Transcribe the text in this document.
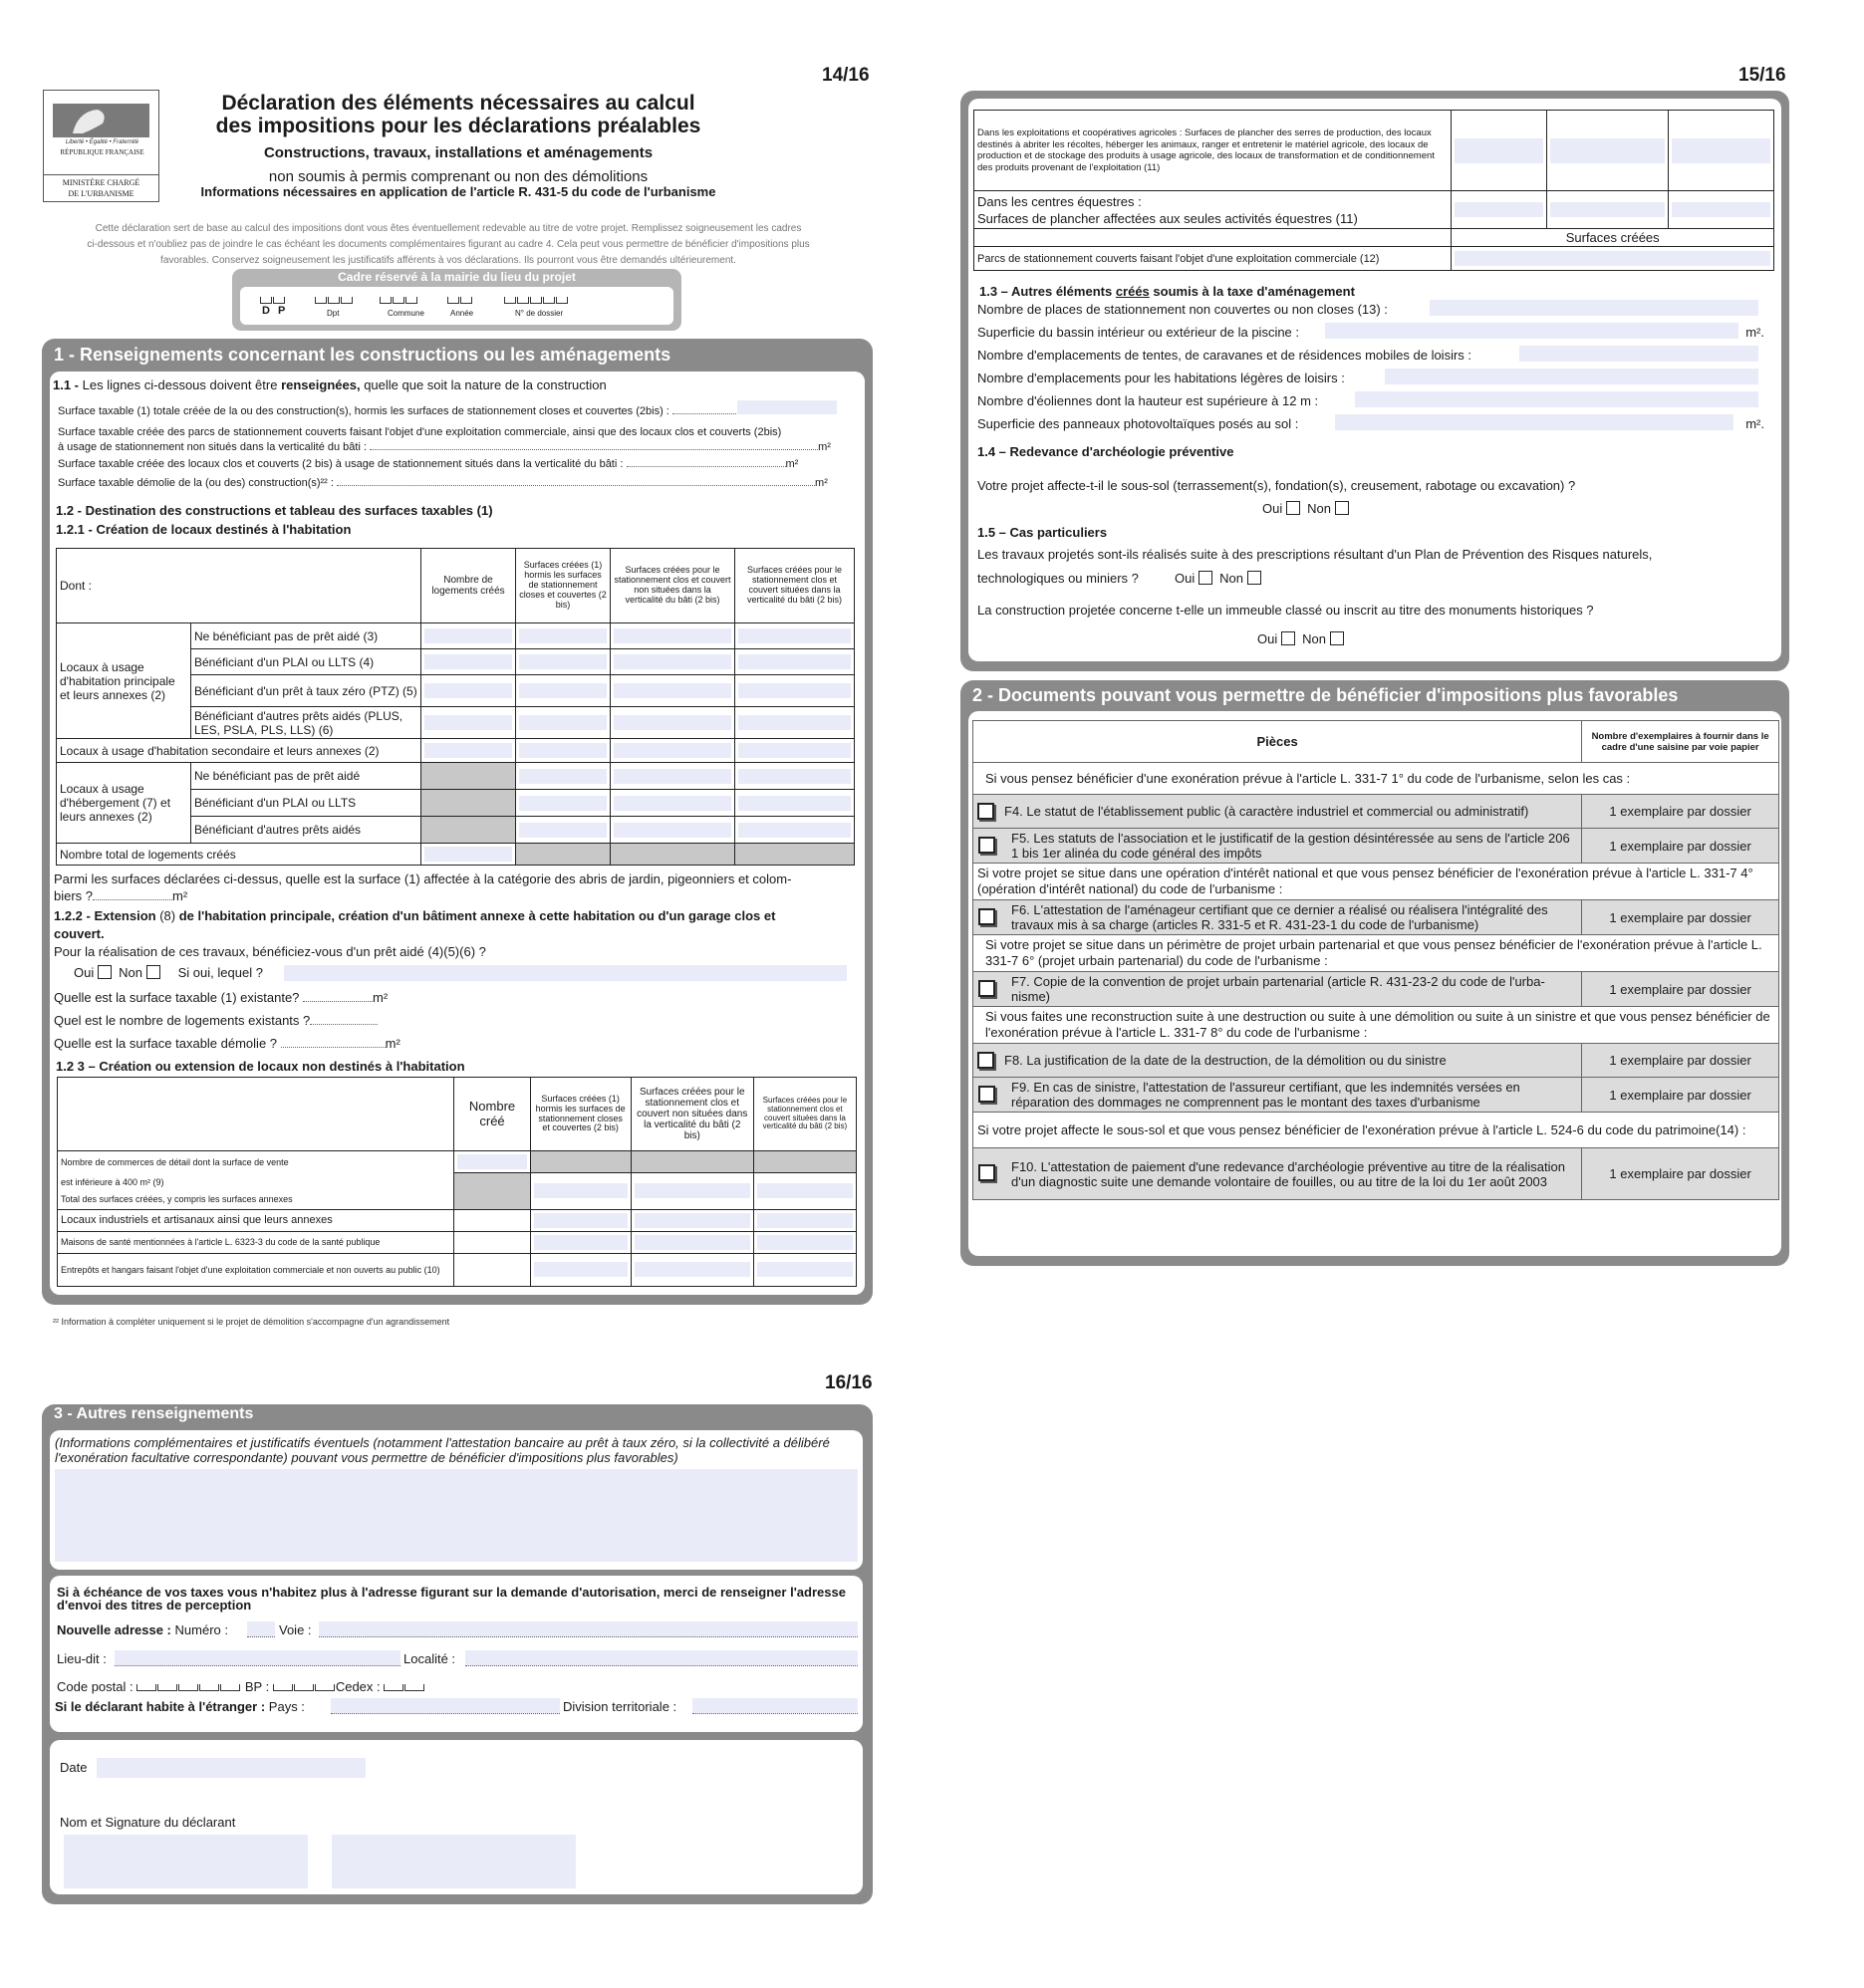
14/16
Liberté • Égalité • Fraternité
RÉPUBLIQUE FRANÇAISE
MINISTÈRE CHARGÉ
DE L'URBANISME
Déclaration des éléments nécessaires au calcul
des impositions pour les déclarations préalables
Constructions, travaux, installations et aménagements
non soumis à permis comprenant ou non des démolitions
Informations nécessaires en application de l'article R. 431-5 du code de l'urbanisme
Cette déclaration sert de base au calcul des impositions dont vous êtes éventuellement redevable au titre de votre projet. Remplissez soigneusement les cadres
ci-dessous et n'oubliez pas de joindre le cas échéant les documents complémentaires figurant au cadre 4. Cela peut vous permettre de bénéficier d'impositions plus
favorables. Conservez soigneusement les justificatifs afférents à vos déclarations. Ils pourront vous être demandés ultérieurement.
Cadre réservé à la mairie du lieu du projet
D P	Dpt	Commune	Année	N° de dossier
1 - Renseignements concernant les constructions ou les aménagements
1.1 - Les lignes ci-dessous doivent être renseignées, quelle que soit la nature de la construction
Surface taxable (1) totale créée de la ou des construction(s), hormis les surfaces de stationnement closes et couvertes (2bis) :
Surface taxable créée des parcs de stationnement couverts faisant l'objet d'une exploitation commerciale, ainsi que des locaux clos et couverts (2bis)
à usage de stationnement non situés dans la verticalité du bâti :	m²
Surface taxable créée des locaux clos et couverts (2 bis) à usage de stationnement situés dans la verticalité du bâti :	m²
Surface taxable démolie de la (ou des) construction(s)²² :	m²
1.2 - Destination des constructions et tableau des surfaces taxables (1)
1.2.1 - Création de locaux destinés à l'habitation
Dont :		Nombre de logements créés	Surfaces créées (1) hormis les surfaces de stationnement closes et couvertes (2 bis)	Surfaces créées pour le stationnement clos et couvert non situées dans la verticalité du bâti (2 bis)	Surfaces créées pour le stationnement clos et couvert situées dans la verticalité du bâti (2 bis)
Locaux à usage d'habitation principale et leurs annexes (2)	Ne bénéficiant pas de prêt aidé (3)	

	Bénéficiant d'un PLAI ou LLTS (4)	

	Bénéficiant d'un prêt à taux zéro (PTZ) (5)	

	Bénéficiant d'autres prêts aidés (PLUS, LES, PSLA, PLS, LLS) (6)	

Locaux à usage d'habitation secondaire et leurs annexes (2)		

Locaux à usage d'hébergement (7) et leurs annexes (2)	Ne bénéficiant pas de prêt aidé		

	Bénéficiant d'un PLAI ou LLTS		

	Bénéficiant d'autres prêts aidés		

Nombre total de logements créés		

Parmi les surfaces déclarées ci-dessus, quelle est la surface (1) affectée à la catégorie des abris de jardin, pigeonniers et colom-
biers ?	m²
1.2.2 - Extension (8) de l'habitation principale, création d'un bâtiment annexe à cette habitation ou d'un garage clos et
couvert.
Pour la réalisation de ces travaux, bénéficiez-vous d'un prêt aidé (4)(5)(6) ?
Oui Non	Si oui, lequel ?
Quelle est la surface taxable (1) existante?	m²
Quel est le nombre de logements existants ?
Quelle est la surface taxable démolie ?	m²
1.2 3 – Création ou extension de locaux non destinés à l'habitation
	Nombre créé	Surfaces créées (1) hormis les surfaces de stationnement closes et couvertes (2 bis)	Surfaces créées pour le stationnement clos et couvert non situées dans la verticalité du bâti (2 bis)	Surfaces créées pour le stationnement clos et couvert situées dans la verticalité du bâti (2 bis)
Nombre de commerces de détail dont la surface de vente	

est inférieure à 400 m² (9)
Total des surfaces créées, y compris les surfaces annexes				

Locaux industriels et artisanaux ainsi que leurs annexes		

Maisons de santé mentionnées à l'article L. 6323-3 du code de la santé publique		

Entrepôts et hangars faisant l'objet d'une exploitation commerciale et non ouverts au public (10)		

²² Information à compléter uniquement si le projet de démolition s'accompagne d'un agrandissement
15/16
Dans les exploitations et coopératives agricoles : Surfaces de plancher des serres de production, des locaux destinés à abriter les récoltes, héberger les animaux, ranger et entretenir le matériel agricole, des locaux de production et de stockage des produits à usage agricole, des locaux de transformation et de conditionnement des produits provenant de l'exploitation (11)	

Dans les centres équestres :
Surfaces de plancher affectées aux seules activités équestres (11)			

	Surfaces créées		
Parcs de stationnement couverts faisant l'objet d'une exploitation commerciale (12)			
1.3 – Autres éléments créés soumis à la taxe d'aménagement
Nombre de places de stationnement non couvertes ou non closes (13) :
Superficie du bassin intérieur ou extérieur de la piscine :	m².
Nombre d'emplacements de tentes, de caravanes et de résidences mobiles de loisirs :
Nombre d'emplacements pour les habitations légères de loisirs :
Nombre d'éoliennes dont la hauteur est supérieure à 12 m :
Superficie des panneaux photovoltaïques posés au sol :	m².
1.4 – Redevance d'archéologie préventive
Votre projet affecte-t-il le sous-sol (terrassement(s), fondation(s), creusement, rabotage ou excavation) ?
Oui Non
1.5 – Cas particuliers
Les travaux projetés sont-ils réalisés suite à des prescriptions résultant d'un Plan de Prévention des Risques naturels,
technologiques ou miniers ?	Oui Non
La construction projetée concerne t-elle un immeuble classé ou inscrit au titre des monuments historiques ?
Oui Non
2 - Documents pouvant vous permettre de bénéficier d'impositions plus favorables
Pièces	Nombre d'exemplaires à fournir dans le cadre d'une saisine par voie papier
Si vous pensez bénéficier d'une exonération prévue à l'article L. 331-7 1° du code de l'urbanisme, selon les cas :	
F4. Le statut de l'établissement public (à caractère industriel et commercial ou administratif)	1 exemplaire par dossier

F5. Les statuts de l'association et le justificatif de la gestion désintéressée au sens de l'article 206 1 bis 1er alinéa du code général des impôts	1 exemplaire par dossier
Si votre projet se situe dans une opération d'intérêt national et que vous pensez bénéficier de l'exonération prévue à l'article L. 331-7 4° (opération d'intérêt national) du code de l'urbanisme :	

F6. L'attestation de l'aménageur certifiant que ce dernier a réalisé ou réalisera l'intégralité des travaux mis à sa charge (articles R. 331-5 et R. 431-23-1 du code de l'urbanisme)	1 exemplaire par dossier
Si votre projet se situe dans un périmètre de projet urbain partenarial et que vous pensez bénéficier de l'exonération prévue à l'article L. 331-7 6° (projet urbain partenarial) du code de l'urbanisme :	

F7. Copie de la convention de projet urbain partenarial (article R. 431-23-2 du code de l'urba-nisme)	1 exemplaire par dossier
Si vous faites une reconstruction suite à une destruction ou suite à une démolition ou suite à un sinistre et que vous pensez bénéficier de l'exonération prévue à l'article L. 331-7 8° du code de l'urbanisme :	
F8. La justification de la date de la destruction, de la démolition ou du sinistre	1 exemplaire par dossier

F9. En cas de sinistre, l'attestation de l'assureur certifiant, que les indemnités versées en réparation des dommages ne comprennent pas le montant des taxes d'urbanisme	1 exemplaire par dossier
Si votre projet affecte le sous-sol et que vous pensez bénéficier de l'exonération prévue à l'article L. 524-6 du code du patrimoine(14) :	

F10. L'attestation de paiement d'une redevance d'archéologie préventive au titre de la réalisation d'un diagnostic suite une demande volontaire de fouilles, ou au titre de la loi du 1er août 2003	1 exemplaire par dossier
16/16
3 - Autres renseignements
(Informations complémentaires et justificatifs éventuels (notamment l'attestation bancaire au prêt à taux zéro, si la collectivité a délibéré l'exonération facultative correspondante) pouvant vous permettre de bénéficier d'impositions plus favorables)
Si à échéance de vos taxes vous n'habitez plus à l'adresse figurant sur la demande d'autorisation, merci de renseigner l'adresse d'envoi des titres de perception
Nouvelle adresse : Numéro :	Voie :
Lieu-dit :	Localité :
Code postal :	BP :	Cedex :
Si le déclarant habite à l'étranger : Pays :	Division territoriale :
Date
Nom et Signature du déclarant
